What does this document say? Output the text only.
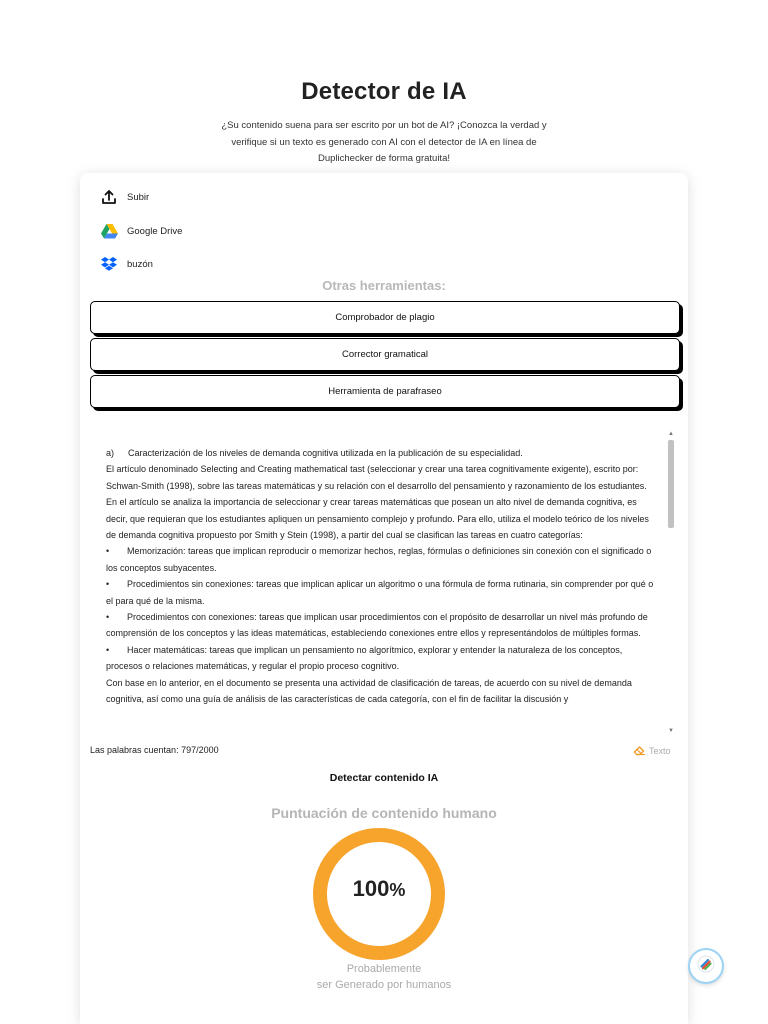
Detector de IA

¿Su contenido suena para ser escrito por un bot de AI? ¡Conozca la verdad y verifique si un texto es generado con AI con el detector de IA en línea de Duplichecker de forma gratuita!

Subir
Google Drive
buzón
Otras herramientas:
Comprobador de plagio
Corrector gramatical
Herramienta de parafraseo

a) Caracterización de los niveles de demanda cognitiva utilizada en la publicación de su especialidad.

El artículo denominado Selecting and Creating mathematical tast (seleccionar y crear una tarea cognitivamente exigente), escrito por: Schwan-Smith (1998), sobre las tareas matemáticas y su relación con el desarrollo del pensamiento y razonamiento de los estudiantes. En el artículo se analiza la importancia de seleccionar y crear tareas matemáticas que posean un alto nivel de demanda cognitiva, es decir, que requieran que los estudiantes apliquen un pensamiento complejo y profundo. Para ello, utiliza el modelo teórico de los niveles de demanda cognitiva propuesto por Smith y Stein (1998), a partir del cual se clasifican las tareas en cuatro categorías:

• Memorización: tareas que implican reproducir o memorizar hechos, reglas, fórmulas o definiciones sin conexión con el significado o los conceptos subyacentes.

• Procedimientos sin conexiones: tareas que implican aplicar un algoritmo o una fórmula de forma rutinaria, sin comprender por qué o el para qué de la misma.

• Procedimientos con conexiones: tareas que implican usar procedimientos con el propósito de desarrollar un nivel más profundo de comprensión de los conceptos y las ideas matemáticas, estableciendo conexiones entre ellos y representándolos de múltiples formas.

• Hacer matemáticas: tareas que implican un pensamiento no algorítmico, explorar y entender la naturaleza de los conceptos, procesos o relaciones matemáticas, y regular el propio proceso cognitivo.

Con base en lo anterior, en el documento se presenta una actividad de clasificación de tareas, de acuerdo con su nivel de demanda cognitiva, así como una guía de análisis de las características de cada categoría, con el fin de facilitar la discusión y

▲
▼
Las palabras cuentan: 797/2000	Texto
Detectar contenido IA
Puntuación de contenido humano
100%
Probablemente
ser Generado por humanos
